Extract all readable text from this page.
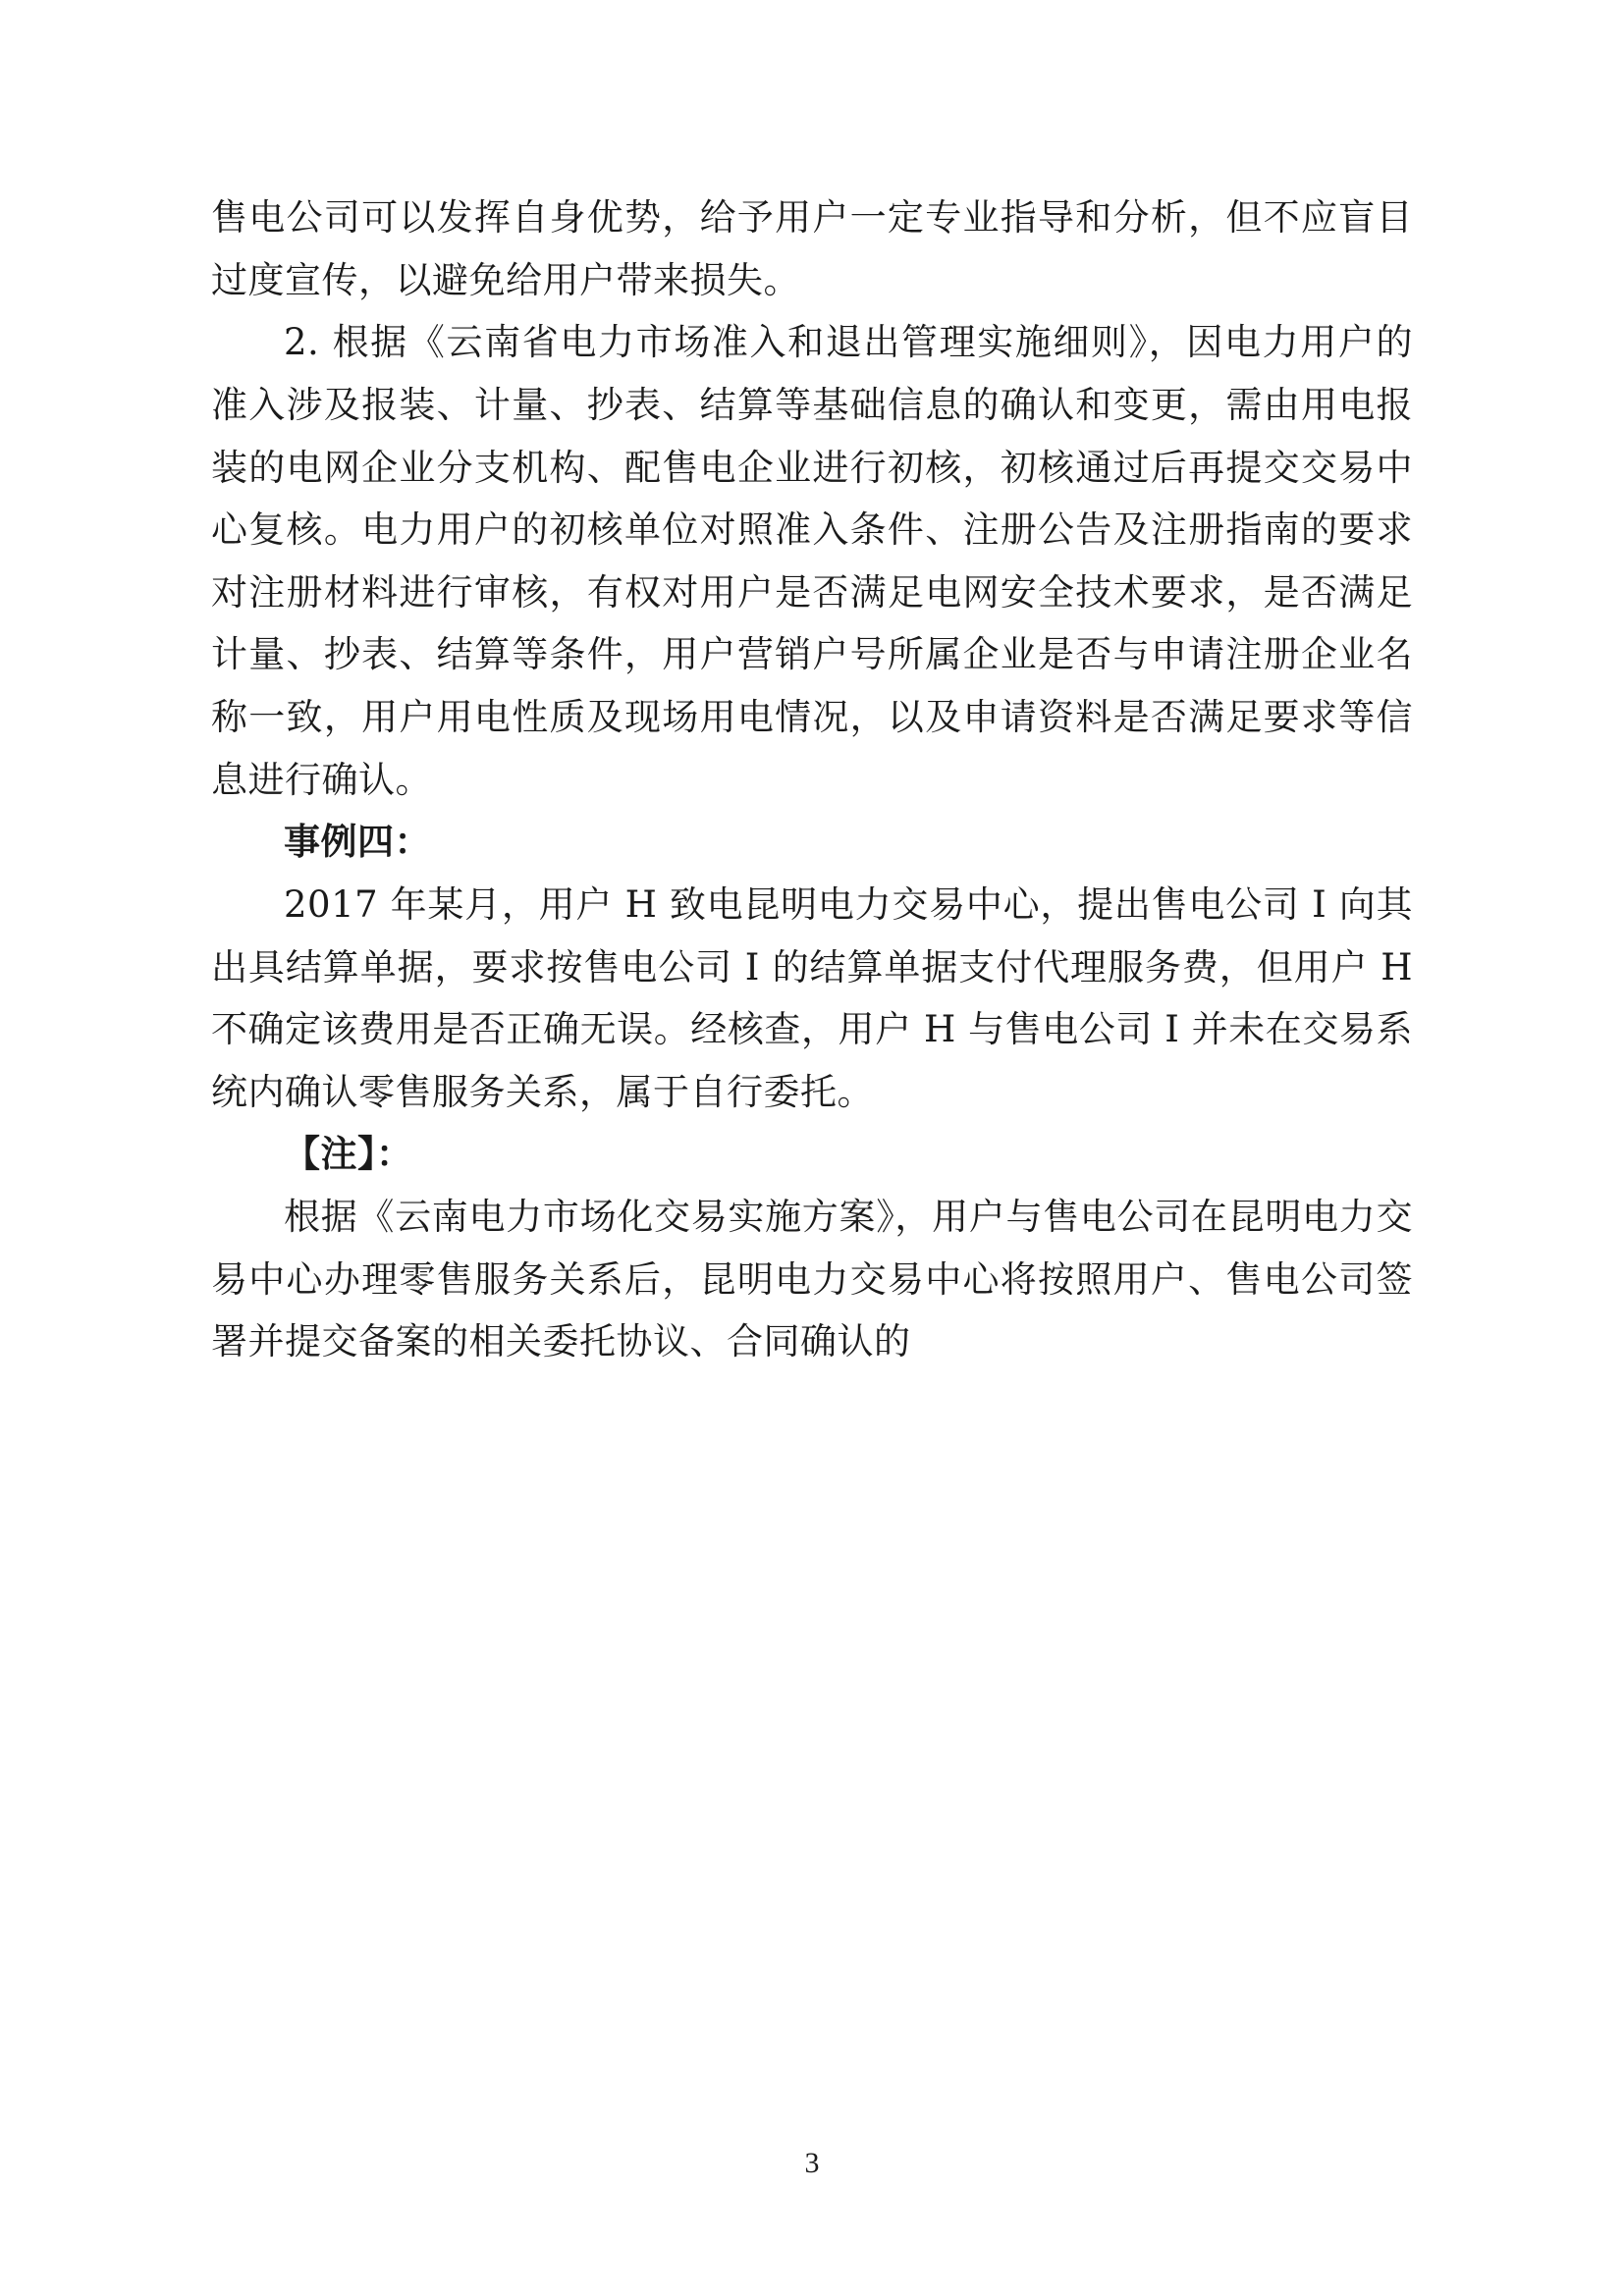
售电公司可以发挥自身优势，给予用户一定专业指导和分析，但不应盲目过度宣传，以避免给用户带来损失。

2. 根据《云南省电力市场准入和退出管理实施细则》，因电力用户的准入涉及报装、计量、抄表、结算等基础信息的确认和变更，需由用电报装的电网企业分支机构、配售电企业进行初核，初核通过后再提交交易中心复核。电力用户的初核单位对照准入条件、注册公告及注册指南的要求对注册材料进行审核，有权对用户是否满足电网安全技术要求，是否满足计量、抄表、结算等条件，用户营销户号所属企业是否与申请注册企业名称一致，用户用电性质及现场用电情况，以及申请资料是否满足要求等信息进行确认。

事例四：

2017 年某月，用户 H 致电昆明电力交易中心，提出售电公司 I 向其出具结算单据，要求按售电公司 I 的结算单据支付代理服务费，但用户 H 不确定该费用是否正确无误。经核查，用户 H 与售电公司 I 并未在交易系统内确认零售服务关系，属于自行委托。

【注】：

根据《云南电力市场化交易实施方案》，用户与售电公司在昆明电力交易中心办理零售服务关系后，昆明电力交易中心将按照用户、售电公司签署并提交备案的相关委托协议、合同确认的

3
